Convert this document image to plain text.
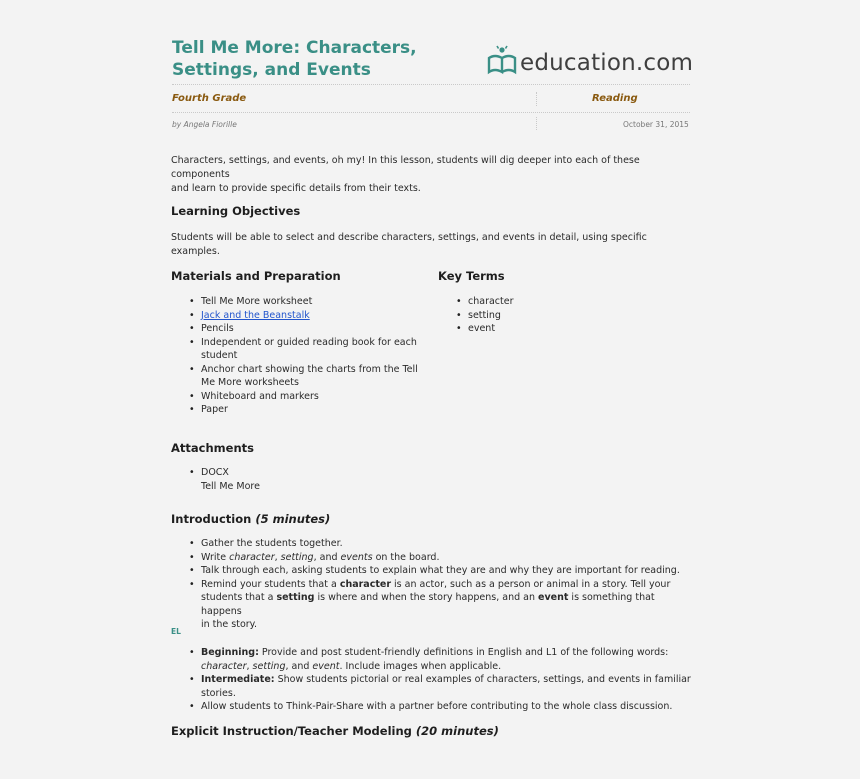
Tell Me More: Characters,
Settings, and Events	education.com
Fourth Grade	Reading
by Angela Fiorille	October 31, 2015
Characters, settings, and events, oh my! In this lesson, students will dig deeper into each of these components
and learn to provide specific details from their texts.
Learning Objectives
Students will be able to select and describe characters, settings, and events in detail, using specific examples.
Materials and Preparation
• Tell Me More worksheet
• Jack and the Beanstalk
• Pencils
• Independent or guided reading book for each
student
• Anchor chart showing the charts from the Tell
Me More worksheets
• Whiteboard and markers
• Paper
Key Terms
• character
• setting
• event
Attachments
• DOCX
Tell Me More
Introduction (5 minutes)
• Gather the students together.
• Write character, setting, and events on the board.
• Talk through each, asking students to explain what they are and why they are important for reading.
• Remind your students that a character is an actor, such as a person or animal in a story. Tell your
students that a setting is where and when the story happens, and an event is something that happens
in the story.
EL
• Beginning: Provide and post student-friendly definitions in English and L1 of the following words:
character, setting, and event. Include images when applicable.
• Intermediate: Show students pictorial or real examples of characters, settings, and events in familiar
stories.
• Allow students to Think-Pair-Share with a partner before contributing to the whole class discussion.
Explicit Instruction/Teacher Modeling (20 minutes)
